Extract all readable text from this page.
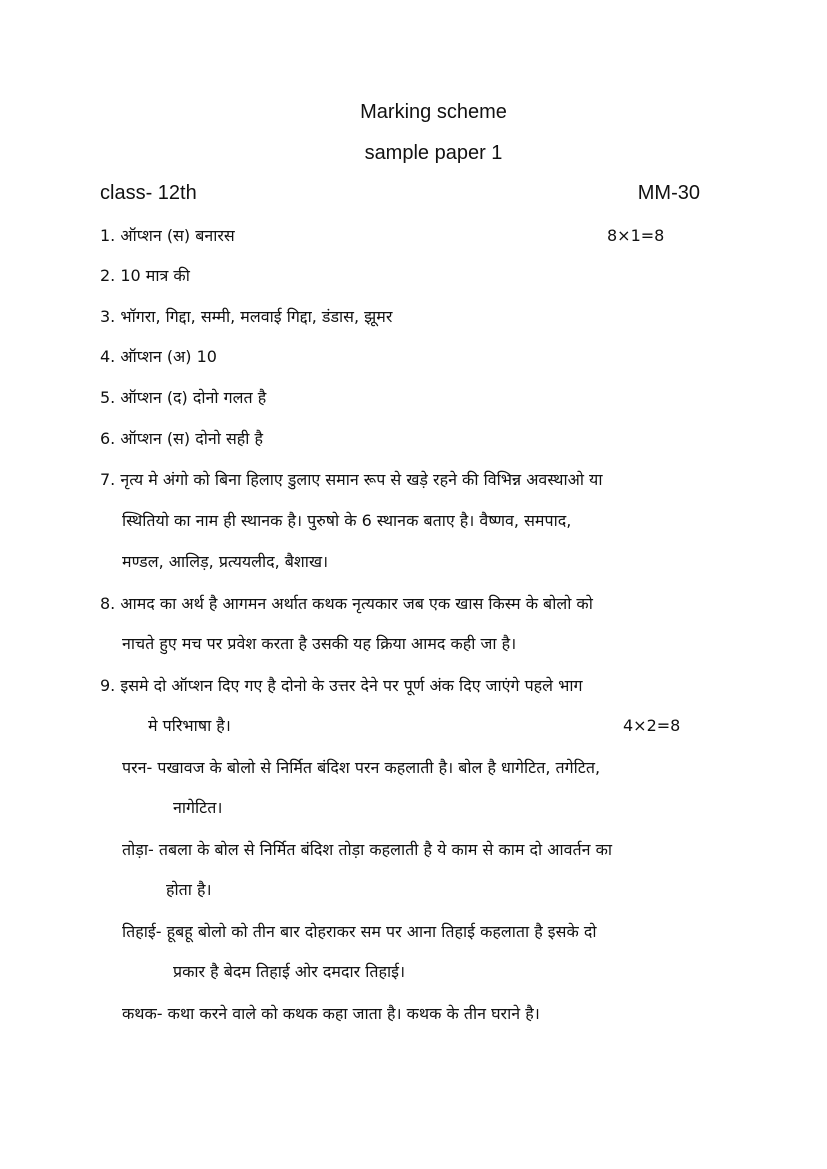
Marking scheme
sample paper 1
class- 12th	MM-30
1. ऑप्शन (स) बनारस	8×1=8
2. 10 मात्र की
3. भॉगरा, गिद्दा, सम्मी, मलवाई गिद्दा, डंडास, झूमर
4. ऑप्शन (अ) 10
5. ऑप्शन (द) दोनो गलत है
6. ऑप्शन (स) दोनो सही है
7. नृत्य मे अंगो को बिना हिलाए डुलाए समान रूप से खड़े रहने की विभिन्न अवस्थाओ या
स्थितियो का नाम ही स्थानक है। पुरुषो के 6 स्थानक बताए है। वैष्णव, समपाद,
मण्डल, आलिड़, प्रत्ययलीद, बैशाख।
8. आमद का अर्थ है आगमन अर्थात कथक नृत्यकार जब एक खास किस्म के बोलो को
नाचते हुए मच पर प्रवेश करता है उसकी यह क्रिया आमद कही जा है।
9. इसमे दो ऑप्शन दिए गए है दोनो के उत्तर देने पर पूर्ण अंक दिए जाएंगे पहले भाग
मे परिभाषा है।	4×2=8
परन- पखावज के बोलो से निर्मित बंदिश परन कहलाती है। बोल है धागेटित, तगेटित,
नागेटित।
तोड़ा- तबला के बोल से निर्मित बंदिश तोड़ा कहलाती है ये काम से काम दो आवर्तन का
होता है।
तिहाई- हूबहू बोलो को तीन बार दोहराकर सम पर आना तिहाई कहलाता है इसके दो
प्रकार है बेदम तिहाई ओर दमदार तिहाई।
कथक- कथा करने वाले को कथक कहा जाता है। कथक के तीन घराने है।
